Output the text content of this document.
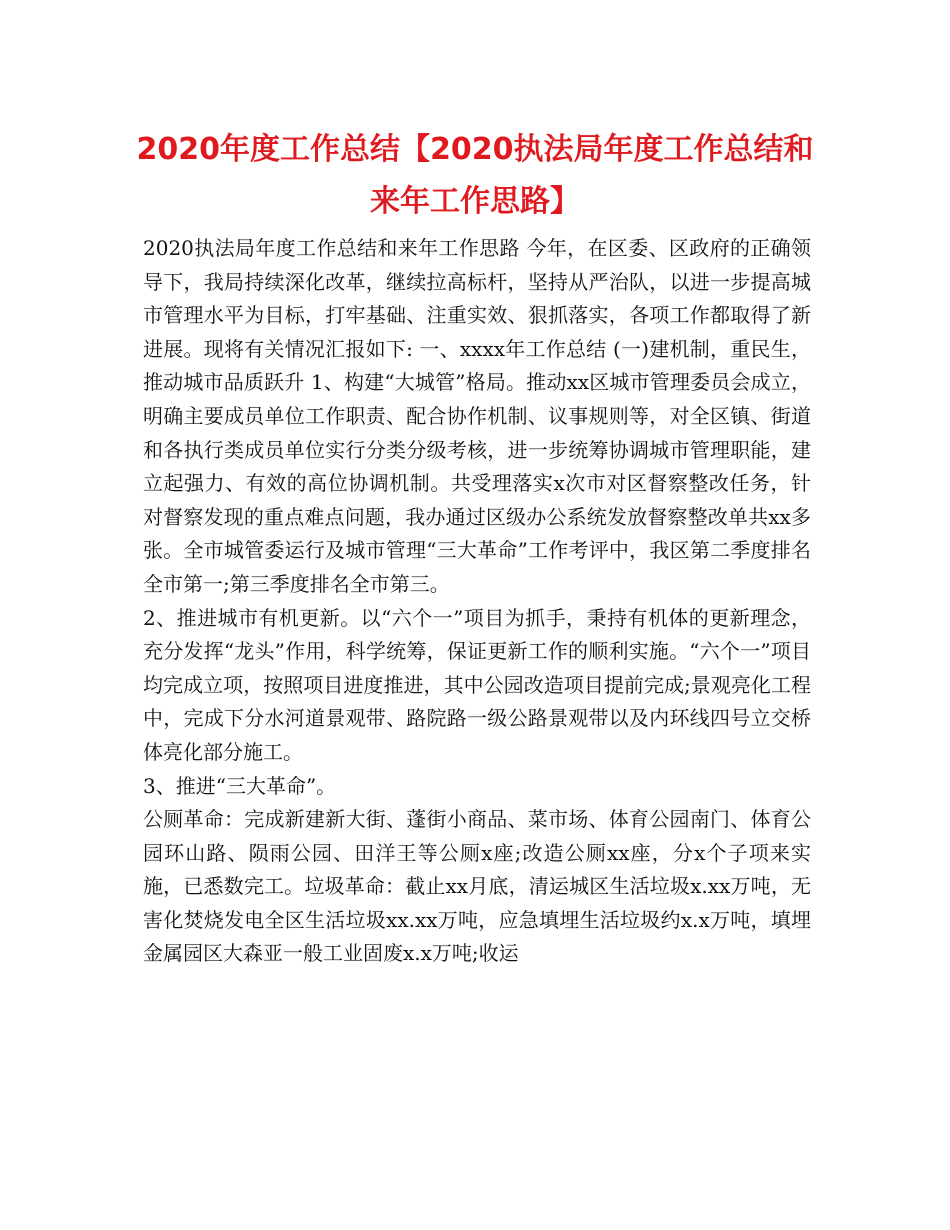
2020年度工作总结【2020执法局年度工作总结和来年工作思路】

2020执法局年度工作总结和来年工作思路 今年，在区委、区政府的正确领导下，我局持续深化改革，继续拉高标杆，坚持从严治队，以进一步提高城市管理水平为目标，打牢基础、注重实效、狠抓落实，各项工作都取得了新进展。现将有关情况汇报如下: 一、xxxx年工作总结 (一)建机制，重民生，推动城市品质跃升 1、构建“大城管”格局。推动xx区城市管理委员会成立，明确主要成员单位工作职责、配合协作机制、议事规则等，对全区镇、街道和各执行类成员单位实行分类分级考核，进一步统筹协调城市管理职能，建立起强力、有效的高位协调机制。共受理落实x次市对区督察整改任务，针对督察发现的重点难点问题，我办通过区级办公系统发放督察整改单共xx多张。全市城管委运行及城市管理“三大革命”工作考评中，我区第二季度排名全市第一;第三季度排名全市第三。

2、推进城市有机更新。以“六个一”项目为抓手，秉持有机体的更新理念，充分发挥“龙头”作用，科学统筹，保证更新工作的顺利实施。“六个一”项目均完成立项，按照项目进度推进，其中公园改造项目提前完成;景观亮化工程中，完成下分水河道景观带、路院路一级公路景观带以及内环线四号立交桥体亮化部分施工。

3、推进“三大革命”。

公厕革命：完成新建新大街、蓬街小商品、菜市场、体育公园南门、体育公园环山路、陨雨公园、田洋王等公厕x座;改造公厕xx座，分x个子项来实施，已悉数完工。垃圾革命：截止xx月底，清运城区生活垃圾x.xx万吨，无害化焚烧发电全区生活垃圾xx.xx万吨，应急填埋生活垃圾约x.x万吨，填埋金属园区大森亚一般工业固废x.x万吨;收运
